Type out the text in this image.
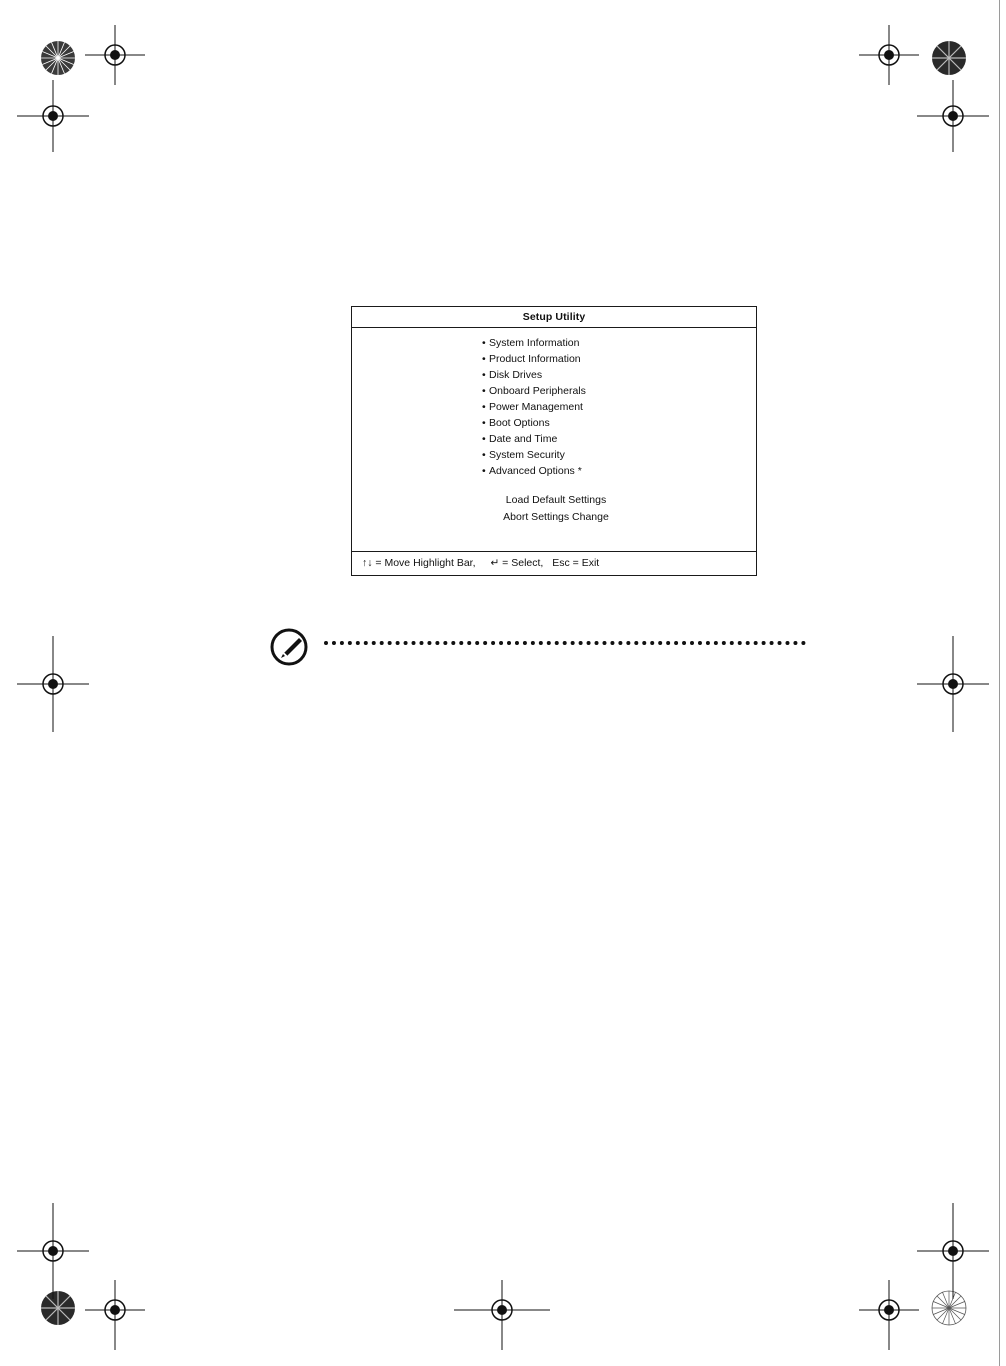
Setup Utility
• System Information
• Product Information
• Disk Drives
• Onboard Peripherals
• Power Management
• Boot Options
• Date and Time
• System Security
• Advanced Options *
Load Default Settings
Abort Settings Change
↑↓ = Move Highlight Bar, ↵ = Select, Esc = Exit
